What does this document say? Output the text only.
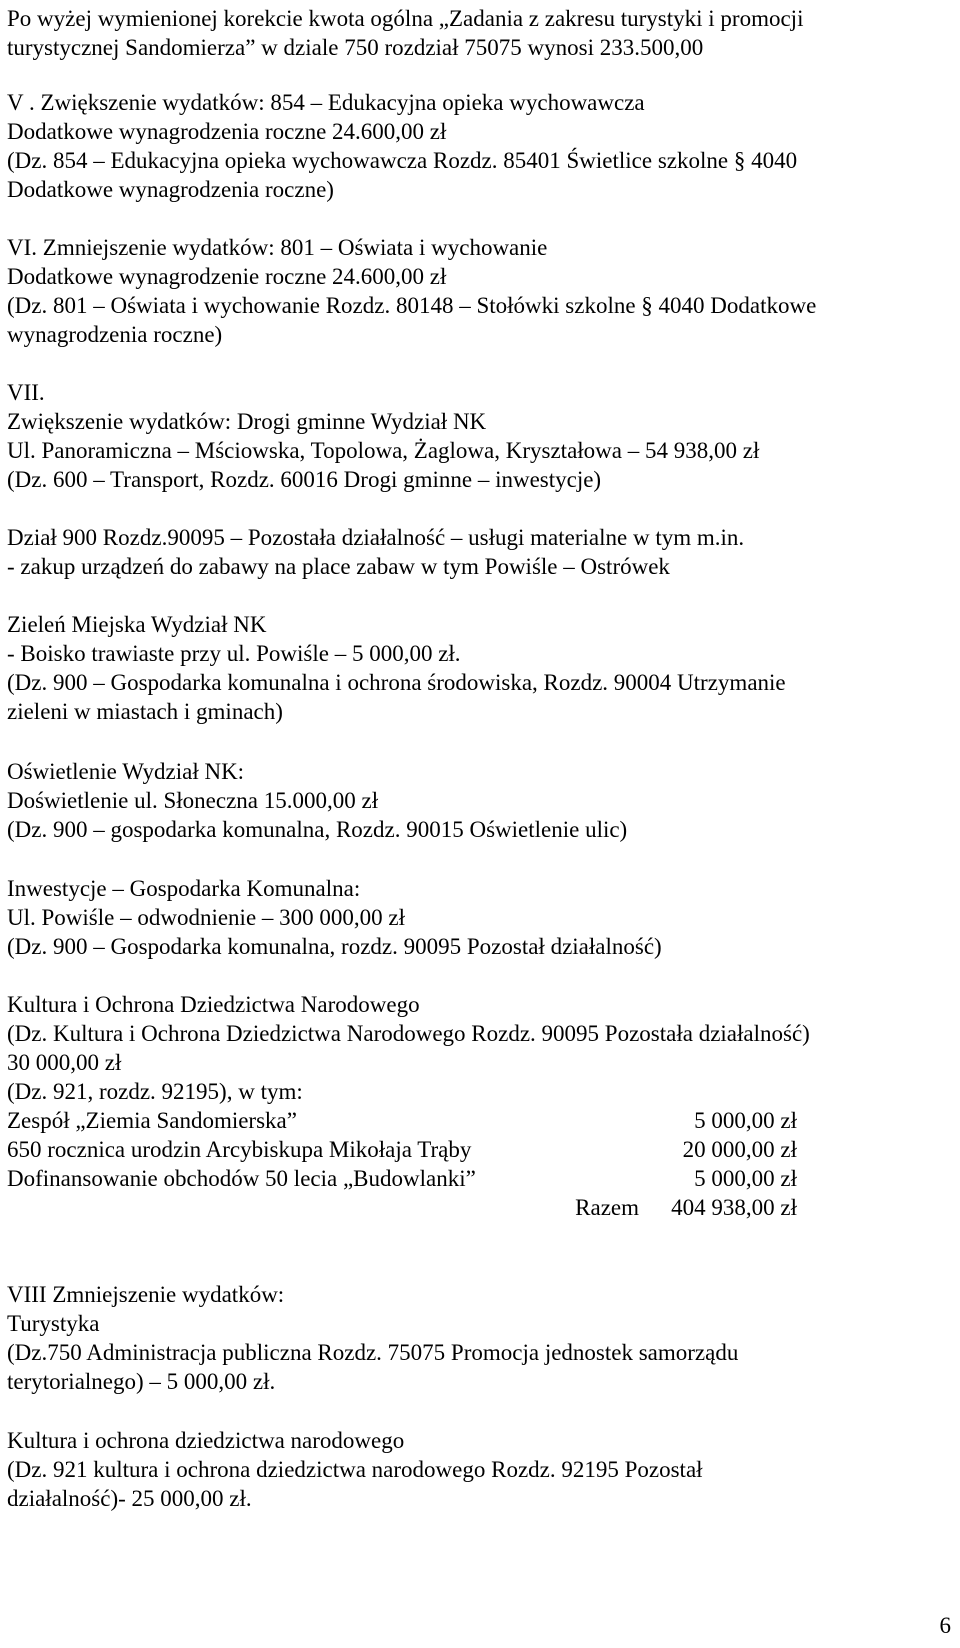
Po wyżej wymienionej korekcie kwota ogólna „Zadania z zakresu turystyki i promocji
turystycznej Sandomierza” w dziale 750 rozdział 75075 wynosi 233.500,00
V . Zwiększenie wydatków: 854 – Edukacyjna opieka wychowawcza
Dodatkowe wynagrodzenia roczne 24.600,00 zł
(Dz. 854 – Edukacyjna opieka wychowawcza Rozdz. 85401 Świetlice szkolne § 4040
Dodatkowe wynagrodzenia roczne)
VI. Zmniejszenie wydatków: 801 – Oświata i wychowanie
Dodatkowe wynagrodzenie roczne 24.600,00 zł
(Dz. 801 – Oświata i wychowanie Rozdz. 80148 – Stołówki szkolne § 4040 Dodatkowe
wynagrodzenia roczne)
VII.
Zwiększenie wydatków: Drogi gminne Wydział NK
Ul. Panoramiczna – Mściowska, Topolowa, Żaglowa, Kryształowa – 54 938,00 zł
(Dz. 600 – Transport, Rozdz. 60016 Drogi gminne – inwestycje)
Dział 900 Rozdz.90095 – Pozostała działalność – usługi materialne w tym m.in.
- zakup urządzeń do zabawy na place zabaw w tym Powiśle – Ostrówek
Zieleń Miejska Wydział NK
- Boisko trawiaste przy ul. Powiśle – 5 000,00 zł.
(Dz. 900 – Gospodarka komunalna i ochrona środowiska, Rozdz. 90004 Utrzymanie
zieleni w miastach i gminach)
Oświetlenie Wydział NK:
Doświetlenie ul. Słoneczna 15.000,00 zł
(Dz. 900 – gospodarka komunalna, Rozdz. 90015 Oświetlenie ulic)
Inwestycje – Gospodarka Komunalna:
Ul. Powiśle – odwodnienie – 300 000,00 zł
(Dz. 900 – Gospodarka komunalna, rozdz. 90095 Pozostał działalność)
Kultura i Ochrona Dziedzictwa Narodowego
(Dz. Kultura i Ochrona Dziedzictwa Narodowego Rozdz. 90095 Pozostała działalność)
30 000,00 zł
(Dz. 921, rozdz. 92195), w tym:
Zespół „Ziemia Sandomierska”	5 000,00 zł
650 rocznica urodzin Arcybiskupa Mikołaja Trąby	20 000,00 zł
Dofinansowanie obchodów 50 lecia „Budowlanki”	5 000,00 zł
Razem 404 938,00 zł
VIII Zmniejszenie wydatków:
Turystyka
(Dz.750 Administracja publiczna Rozdz. 75075 Promocja jednostek samorządu
terytorialnego) – 5 000,00 zł.
Kultura i ochrona dziedzictwa narodowego
(Dz. 921 kultura i ochrona dziedzictwa narodowego Rozdz. 92195 Pozostał
działalność)- 25 000,00 zł.
6
